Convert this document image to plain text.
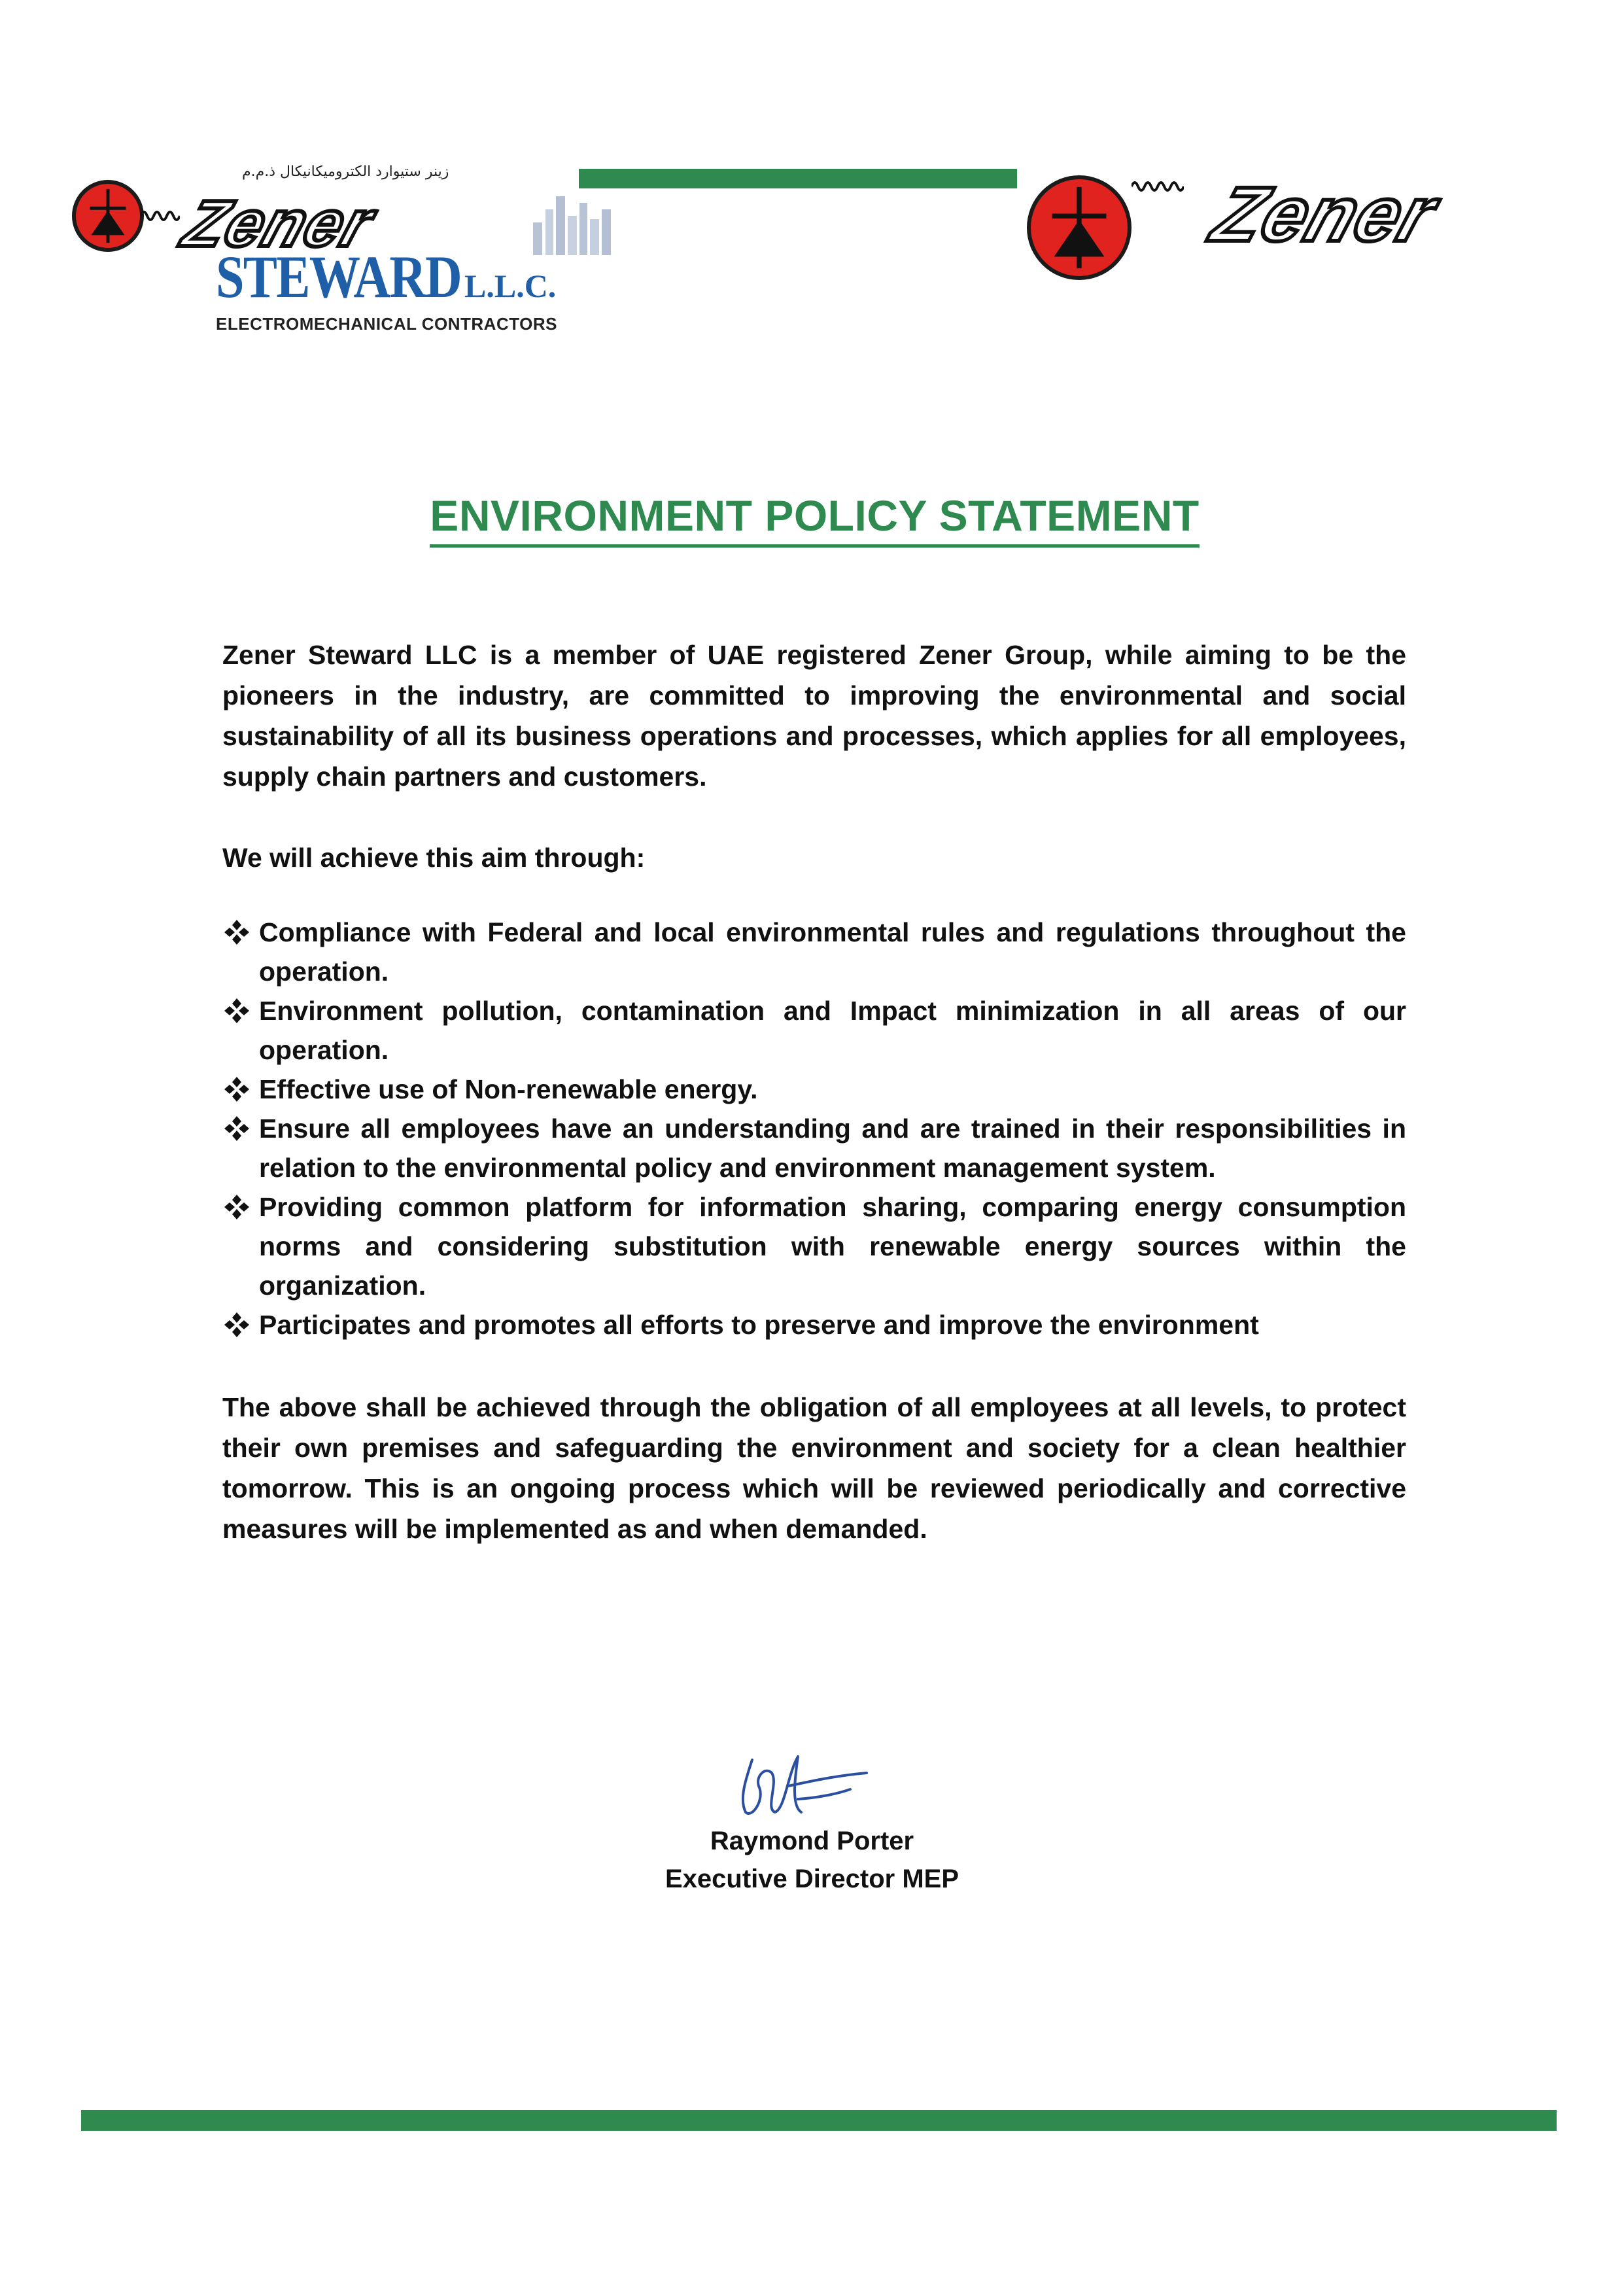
زينر ستيوارد الكتروميكانيكال ذ.م.م
Zener
STEWARD L.L.C.
ELECTROMECHANICAL CONTRACTORS
Zener
ENVIRONMENT POLICY STATEMENT
Zener Steward LLC is a member of UAE registered Zener Group, while aiming to be the pioneers in the industry, are committed to improving the environmental and social sustainability of all its business operations and processes, which applies for all employees, supply chain partners and customers.
We will achieve this aim through:
Compliance with Federal and local environmental rules and regulations throughout the operation.
Environment pollution, contamination and Impact minimization in all areas of our operation.
Effective use of Non-renewable energy.
Ensure all employees have an understanding and are trained in their responsibilities in relation to the environmental policy and environment management system.
Providing common platform for information sharing, comparing energy consumption norms and considering substitution with renewable energy sources within the organization.
Participates and promotes all efforts to preserve and improve the environment
The above shall be achieved through the obligation of all employees at all levels, to protect their own premises and safeguarding the environment and society for a clean healthier tomorrow. This is an ongoing process which will be reviewed periodically and corrective measures will be implemented as and when demanded.
Raymond Porter
Executive Director MEP
